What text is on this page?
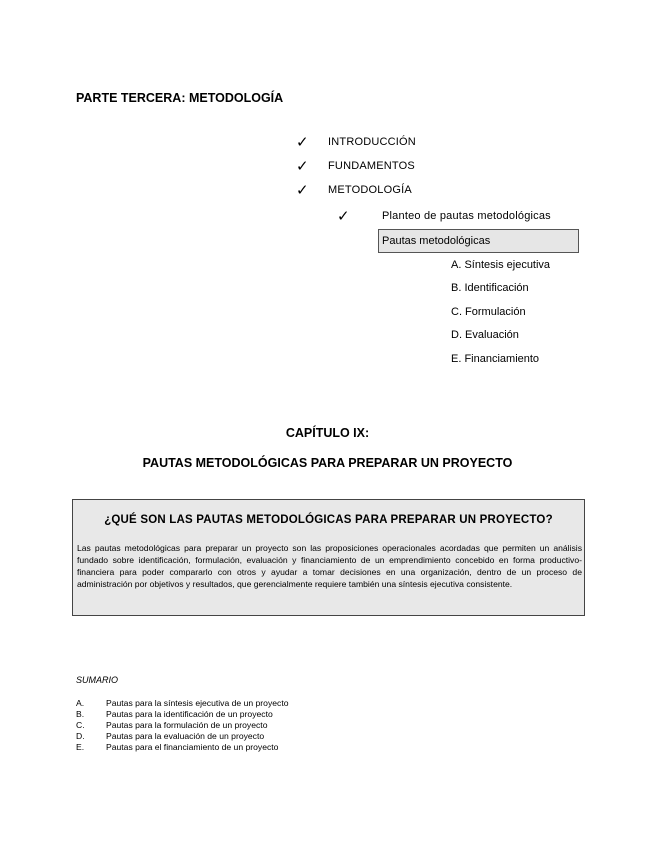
PARTE TERCERA: METODOLOGÍA
✓ INTRODUCCIÓN
✓ FUNDAMENTOS
✓ METODOLOGÍA
✓	Planteo de pautas metodológicas
Pautas metodológicas
A. Síntesis ejecutiva
B. Identificación
C. Formulación
D. Evaluación
E. Financiamiento
CAPÍTULO IX:
PAUTAS METODOLÓGICAS PARA PREPARAR UN PROYECTO
¿QUÉ SON LAS PAUTAS METODOLÓGICAS PARA PREPARAR UN PROYECTO?
Las pautas metodológicas para preparar un proyecto son las proposiciones operacionales acordadas que permiten un análisis fundado sobre identificación, formulación, evaluación y financiamiento de un emprendimiento concebido en forma productivo-financiera para poder compararlo con otros y ayudar a tomar decisiones en una organización, dentro de un proceso de administración por objetivos y resultados, que gerencialmente requiere también una síntesis ejecutiva consistente.
SUMARIO
A.	Pautas para la síntesis ejecutiva de un proyecto
B.	Pautas para la identificación de un proyecto
C. Pautas para la formulación de un proyecto
D. Pautas para la evaluación de un proyecto
E.	Pautas para el financiamiento de un proyecto
